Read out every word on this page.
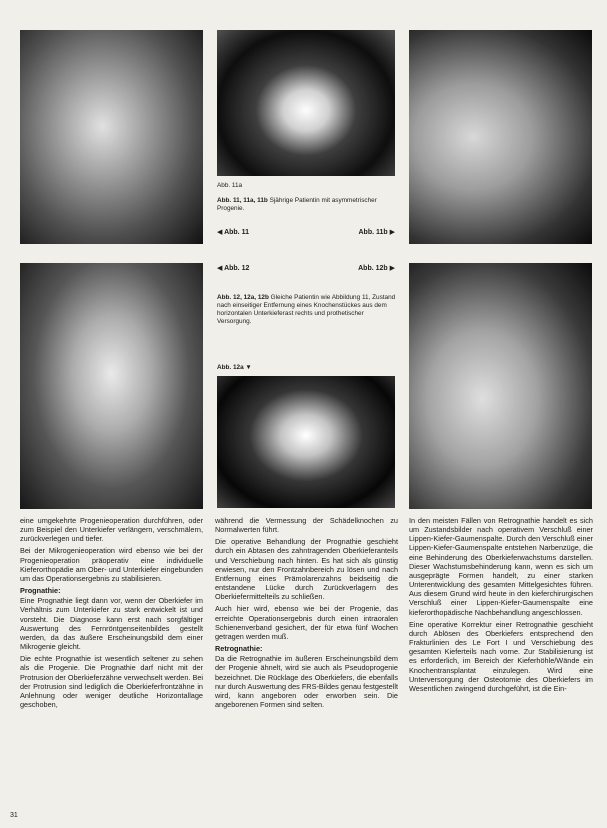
Abb. 11a
Abb. 11, 11a, 11b Sjährige Patientin mit asymmetrischer Progenie.
◀ Abb. 11	Abb. 11b ▶
◀ Abb. 12	Abb. 12b ▶
Abb. 12, 12a, 12b Gleiche Patientin wie Abbildung 11, Zustand nach einseitiger Entfernung eines Knochenstückes aus dem horizontalen Unterkieferast rechts und prothetischer Versorgung.
Abb. 12a ▼

eine umgekehrte Progenieoperation durchführen, oder zum Beispiel den Unterkiefer verlängern, verschmälern, zurückverlegen und tiefer.

Bei der Mikrogenieoperation wird ebenso wie bei der Progenieoperation präoperativ eine individuelle Kieferorthopädie am Ober- und Unterkiefer eingebunden um das Operationsergebnis zu stabilisieren.

Prognathie:

Eine Prognathie liegt dann vor, wenn der Oberkiefer im Verhältnis zum Unterkiefer zu stark entwickelt ist und vorsteht. Die Diagnose kann erst nach sorgfältiger Auswertung des Fernröntgenseitenbildes gestellt werden, da das äußere Erscheinungsbild dem einer Mikrogenie gleicht.

Die echte Prognathie ist wesentlich seltener zu sehen als die Progenie. Die Prognathie darf nicht mit der Protrusion der Oberkieferzähne verwechselt werden. Bei der Protrusion sind lediglich die Oberkieferfrontzähne in Anlehnung oder weniger deutliche Horizontallage geschoben,

während die Vermessung der Schädelknochen zu Normalwerten führt.

Die operative Behandlung der Prognathie geschieht durch ein Abtasen des zahntragenden Oberkieferanteils und Verschiebung nach hinten. Es hat sich als günstig erwiesen, nur den Frontzahnbereich zu lösen und nach Entfernung eines Prämolarenzahns beidseitig die entstandene Lücke durch Zurückverlagern des Oberkiefermittelteils zu schließen.

Auch hier wird, ebenso wie bei der Progenie, das erreichte Operationsergebnis durch einen intraoralen Schienenverband gesichert, der für etwa fünf Wochen getragen werden muß.

Retrognathie:

Da die Retrognathie im äußeren Erscheinungsbild dem der Progenie ähnelt, wird sie auch als Pseudoprogenie bezeichnet. Die Rücklage des Oberkiefers, die ebenfalls nur durch Auswertung des FRS-Bildes genau festgestellt wird, kann angeboren oder erworben sein. Die angeborenen Formen sind selten.

In den meisten Fällen von Retrognathie handelt es sich um Zustandsbilder nach operativem Verschluß einer Lippen-Kiefer-Gaumenspalte. Durch den Verschluß einer Lippen-Kiefer-Gaumenspalte entstehen Narbenzüge, die eine Behinderung des Oberkieferwachstums darstellen. Dieser Wachstumsbehinderung kann, wenn es sich um ausgeprägte Formen handelt, zu einer starken Unterentwicklung des gesamten Mittelgesichtes führen. Aus diesem Grund wird heute in den kieferchirurgischen Verschluß einer Lippen-Kiefer-Gaumenspalte eine kieferorthopädische Nachbehandlung angeschlossen.

Eine operative Korrektur einer Retrognathie geschieht durch Ablösen des Oberkiefers entsprechend den Frakturlinien des Le Fort I und Verschiebung des gesamten Kieferteils nach vorne. Zur Stabilisierung ist es erforderlich, im Bereich der Kieferhöhle/Wände ein Knochentransplantat einzulegen. Wird eine Unterversorgung der Osteotomie des Oberkiefers im Wesentlichen zwingend durchgeführt, ist die Ein-

31
